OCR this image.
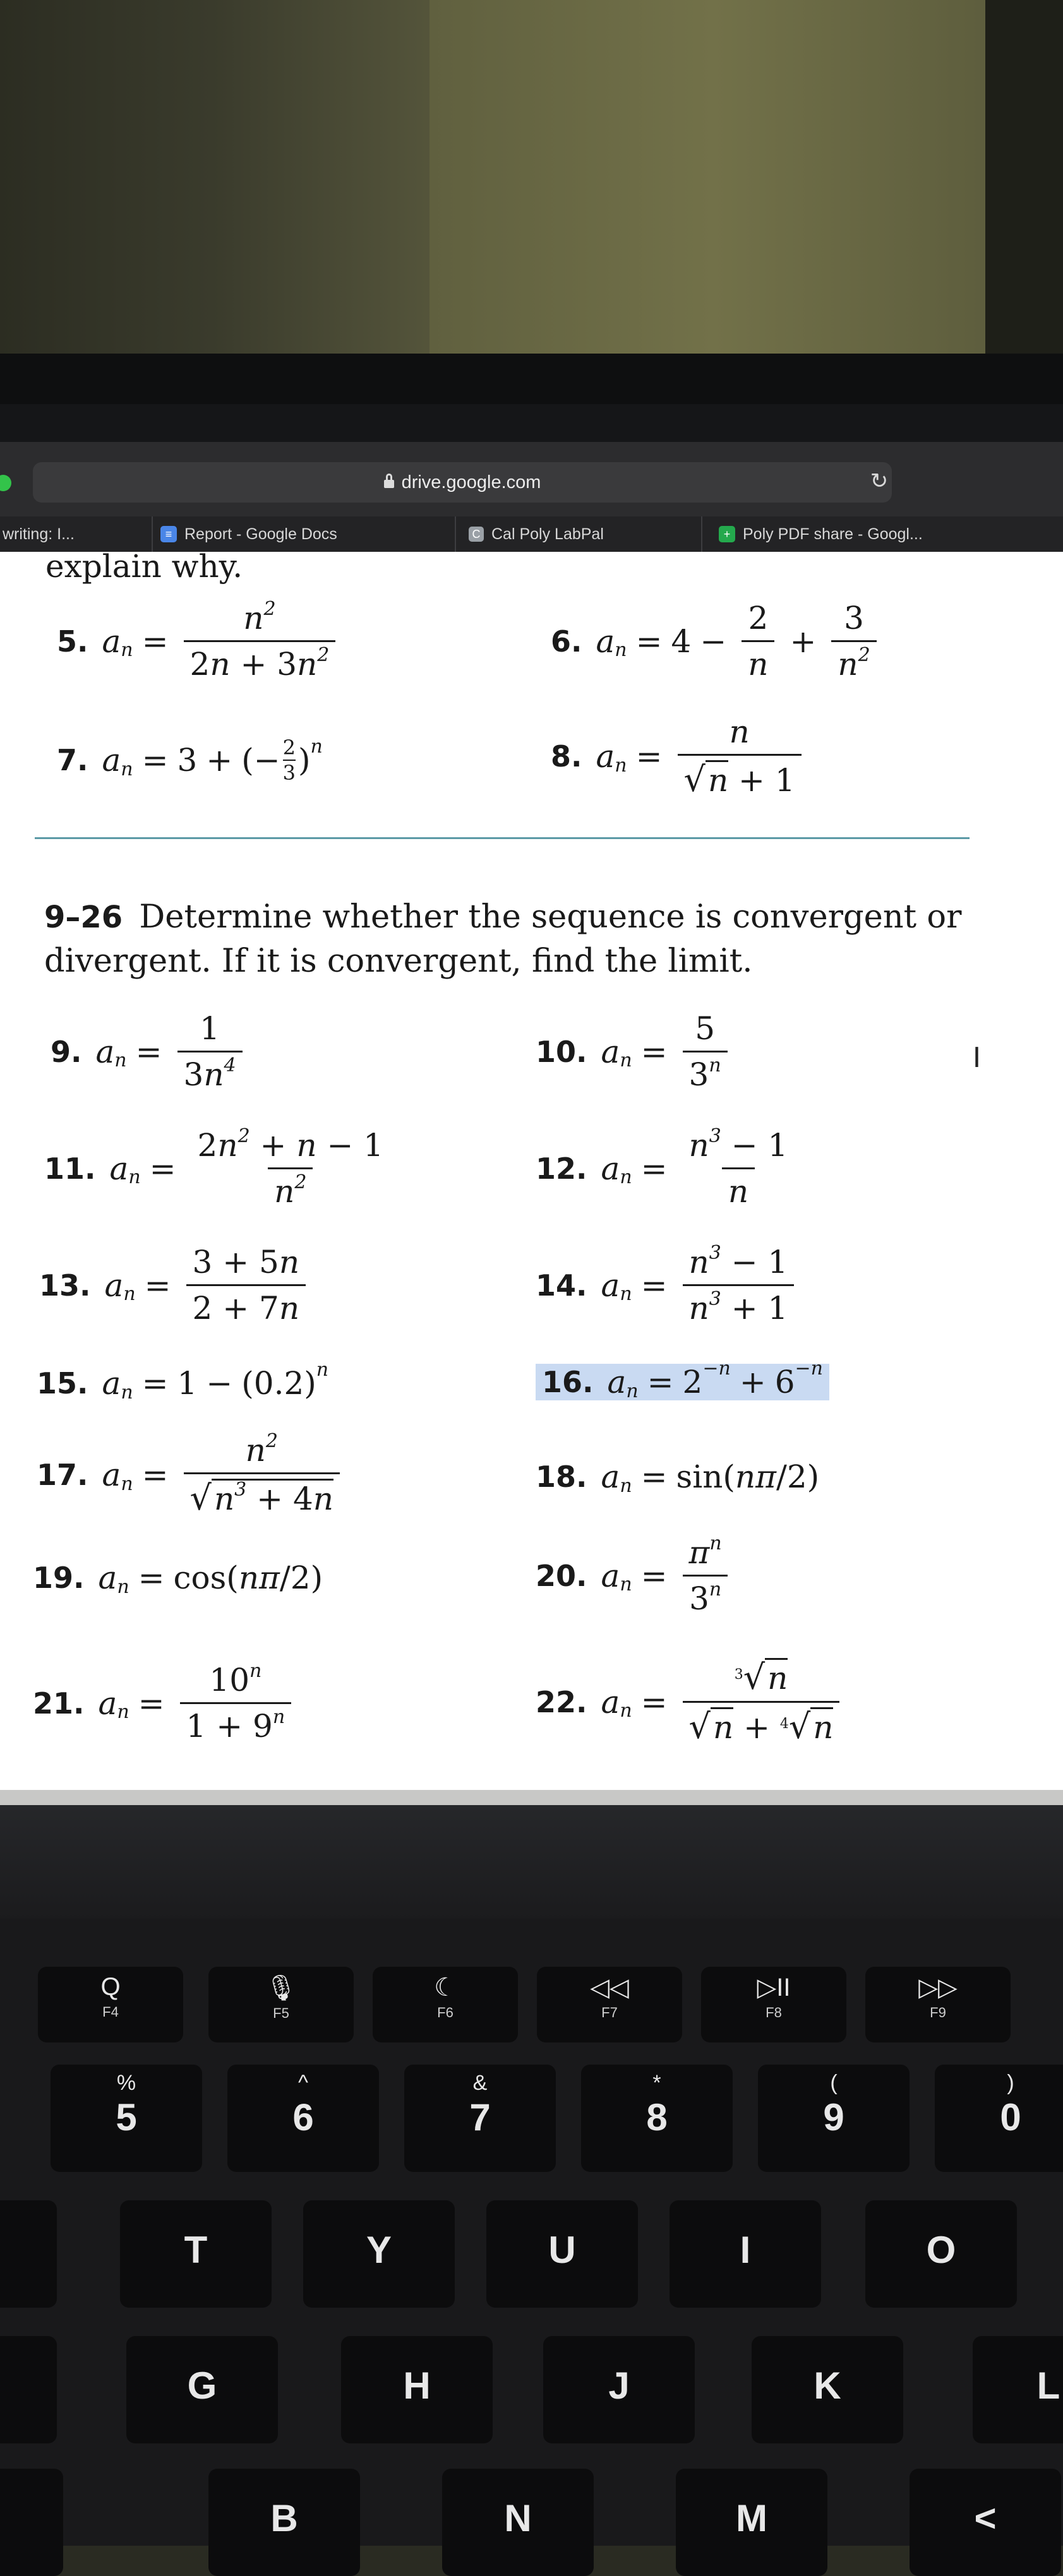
drive.google.com	↻
writing: I...	≡ Report - Google Docs	C Cal Poly LabPal	+ Poly PDF share - Googl...
explain why.
5. a $n = \frac{n^2}{2n + 3n^2}$	6. a $n = 4 - \frac{2}{n} + \frac{3}{n^2}$
7. a n = 3 + (− $\frac{2}{3}$ ) n	8. a $n = \frac{n}{√n + 1}$
9–26 Determine whether the sequence is convergent or divergent. If it is convergent, find the limit.
9. a $n = \frac{1}{3n^4}$	10. a $n = \frac{5}{3^n}$
11. a $n = \frac{2n^2 + n - 1}{n^2}$	12. a $n = \frac{n^3 - 1}{n}$
13. a $n = \frac{3 + 5n}{2 + 7n}$	14. a $n = \frac{n^3 - 1}{n^3 + 1}$
15. a n = 1 − (0.2) n	16. a n = 2 −n + 6 −n
17. a $n = \frac{n^2}{√n^3 + 4n}$	18. a n = sin( nπ /2)
19. a n = cos( nπ /2)	20. a $n = \frac{\pi^n}{3^n}$
21. a $n = \frac{10^n}{1 + 9^n}$	22. a $n = \frac{^3√n}{√n + ^4√n}$
I
Q
F4
🎙
F5
☾
F6
◁◁
F7
▷II
F8
▷▷
F9
%
5
^
6
&
7
*
8
(
9
)
0
T	Y	U	I	O
G	H	J	K	L
B	N	M	<
